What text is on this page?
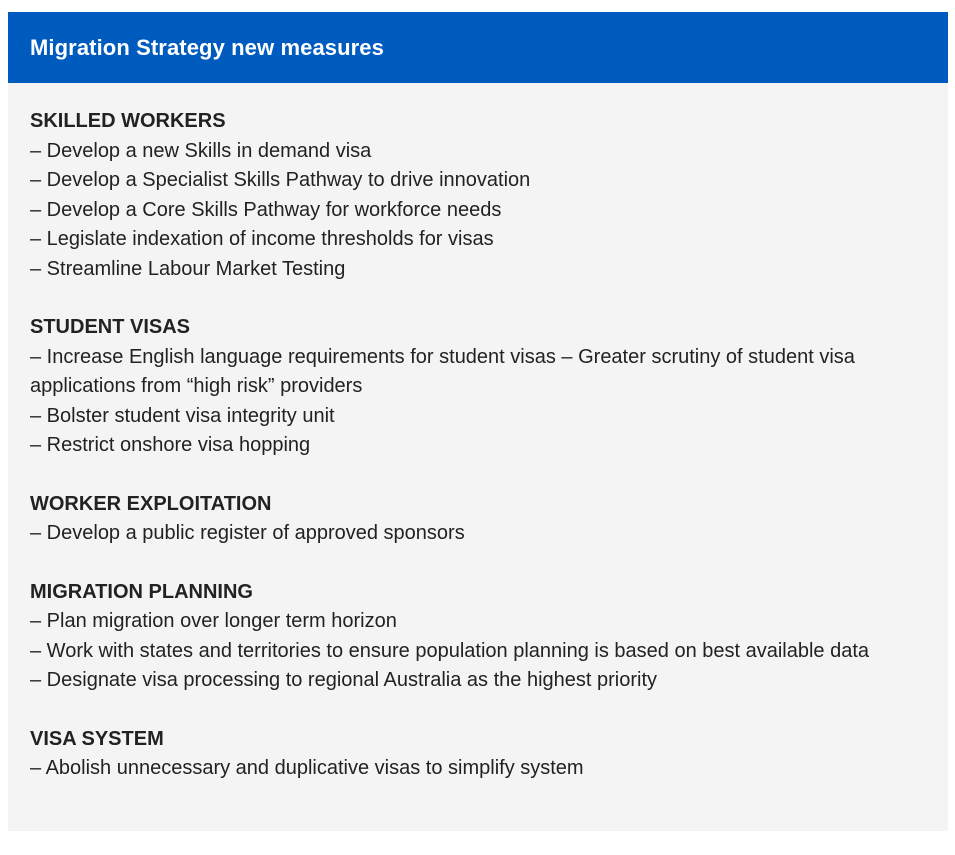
Migration Strategy new measures

SKILLED WORKERS

– Develop a new Skills in demand visa

– Develop a Specialist Skills Pathway to drive innovation

– Develop a Core Skills Pathway for workforce needs

– Legislate indexation of income thresholds for visas

– Streamline Labour Market Testing

STUDENT VISAS

– Increase English language requirements for student visas – Greater scrutiny of student visa applications from “high risk” providers

– Bolster student visa integrity unit

– Restrict onshore visa hopping

WORKER EXPLOITATION

– Develop a public register of approved sponsors

MIGRATION PLANNING

– Plan migration over longer term horizon

– Work with states and territories to ensure population planning is based on best available data

– Designate visa processing to regional Australia as the highest priority

VISA SYSTEM

– Abolish unnecessary and duplicative visas to simplify system
